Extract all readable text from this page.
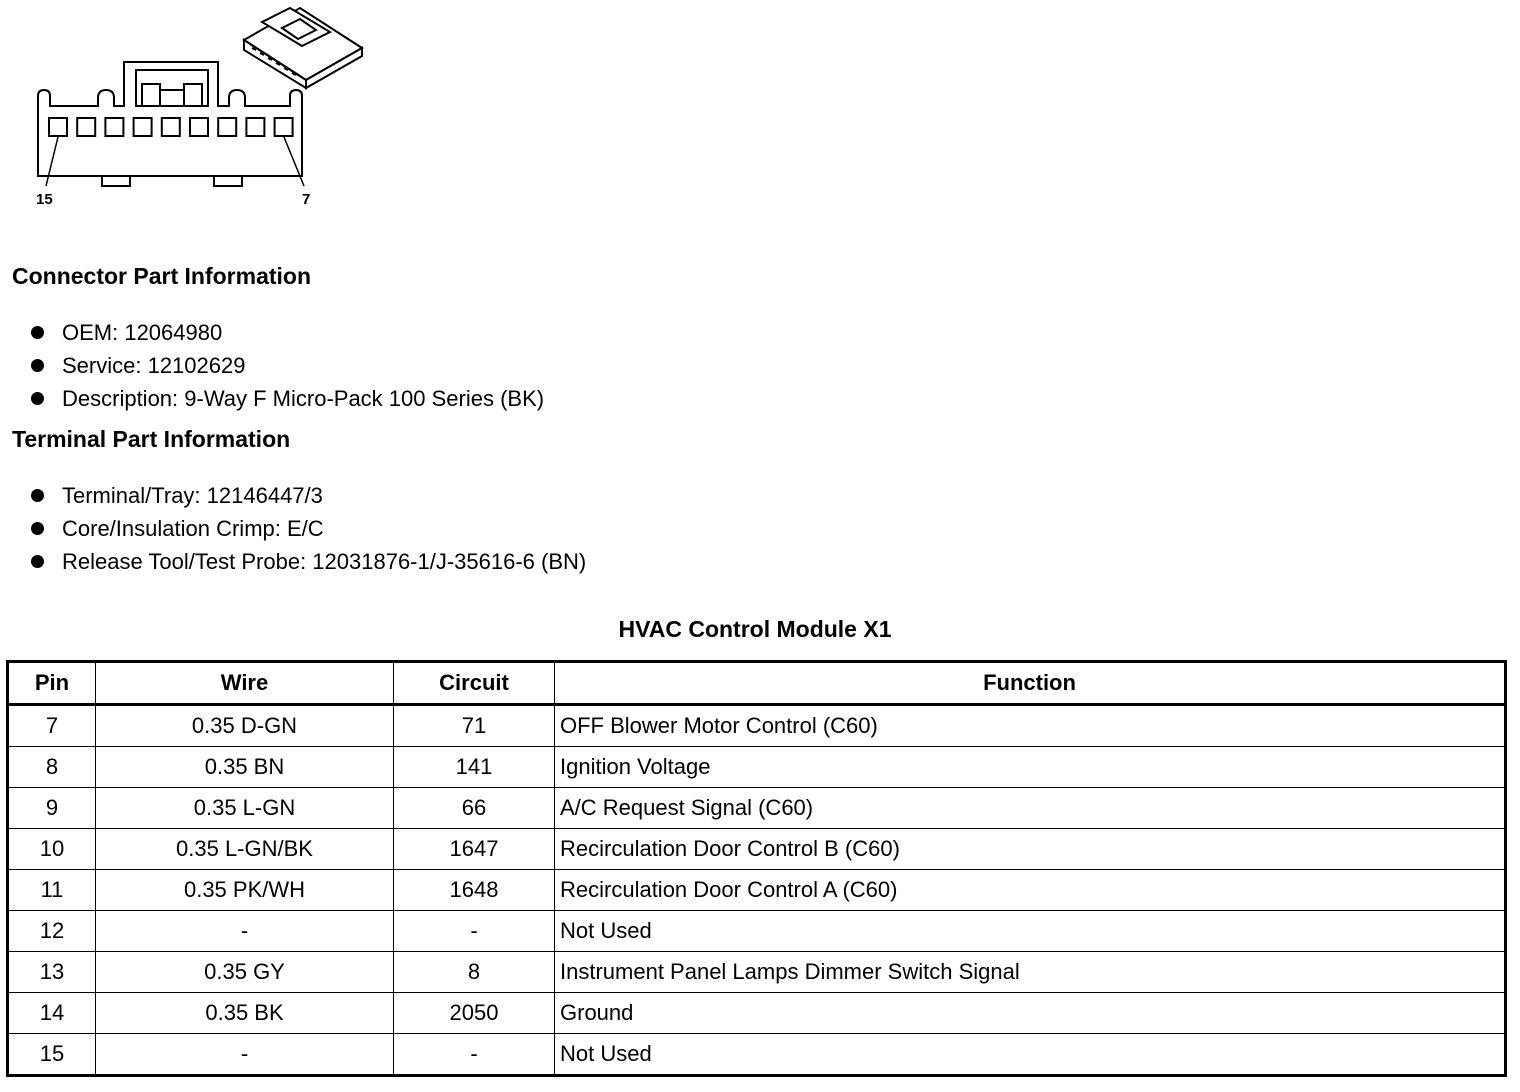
15	7
Connector Part Information
OEM: 12064980
Service: 12102629
Description: 9-Way F Micro-Pack 100 Series (BK)
Terminal Part Information
Terminal/Tray: 12146447/3
Core/Insulation Crimp: E/C
Release Tool/Test Probe: 12031876-1/J-35616-6 (BN)
HVAC Control Module X1
Pin	Wire	Circuit	Function
7	0.35 D-GN	71	OFF Blower Motor Control (C60)
8	0.35 BN	141	Ignition Voltage
9	0.35 L-GN	66	A/C Request Signal (C60)
10	0.35 L-GN/BK	1647	Recirculation Door Control B (C60)
11	0.35 PK/WH	1648	Recirculation Door Control A (C60)
12	-	-	Not Used
13	0.35 GY	8	Instrument Panel Lamps Dimmer Switch Signal
14	0.35 BK	2050	Ground
15	-	-	Not Used
